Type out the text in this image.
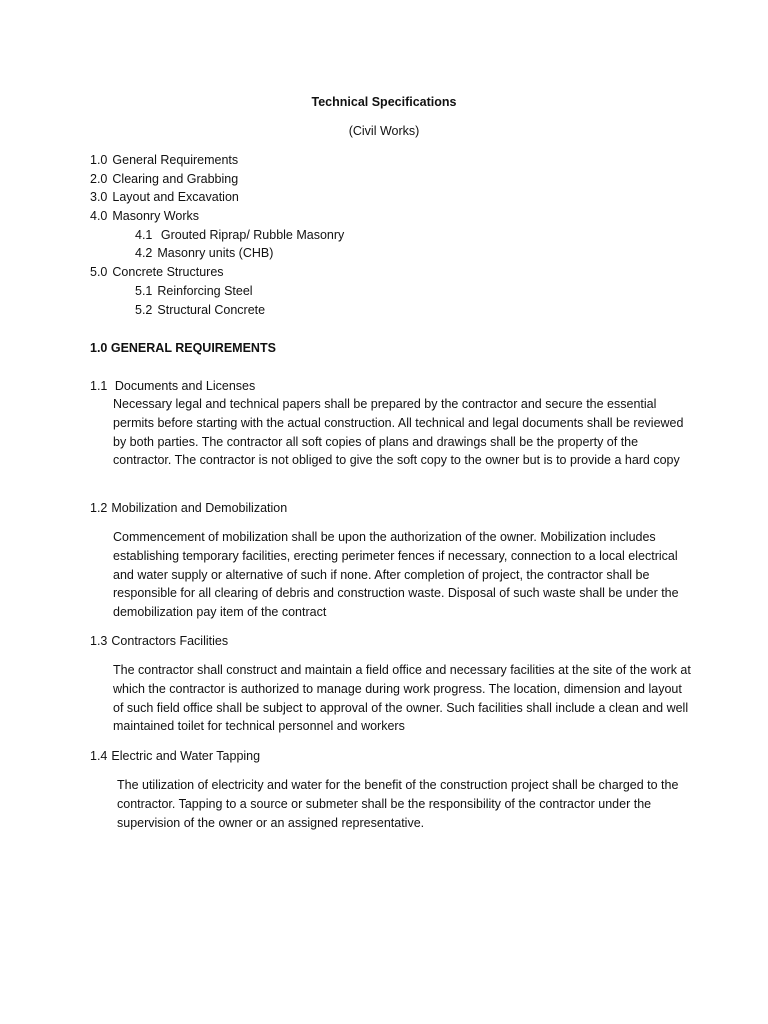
Technical Specifications
(Civil Works)
1.0 General Requirements
2.0 Clearing and Grabbing
3.0 Layout and Excavation
4.0 Masonry Works
4.1 Grouted Riprap/ Rubble Masonry
4.2 Masonry units (CHB)
5.0 Concrete Structures
5.1 Reinforcing Steel
5.2 Structural Concrete
1.0 GENERAL REQUIREMENTS
1.1 Documents and Licenses

Necessary legal and technical papers shall be prepared by the contractor and secure the essential permits before starting with the actual construction. All technical and legal documents shall be reviewed by both parties. The contractor all soft copies of plans and drawings shall be the property of the contractor. The contractor is not obliged to give the soft copy to the owner but is to provide a hard copy

1.2 Mobilization and Demobilization

Commencement of mobilization shall be upon the authorization of the owner. Mobilization includes establishing temporary facilities, erecting perimeter fences if necessary, connection to a local electrical and water supply or alternative of such if none. After completion of project, the contractor shall be responsible for all clearing of debris and construction waste. Disposal of such waste shall be under the demobilization pay item of the contract

1.3 Contractors Facilities

The contractor shall construct and maintain a field office and necessary facilities at the site of the work at which the contractor is authorized to manage during work progress. The location, dimension and layout of such field office shall be subject to approval of the owner. Such facilities shall include a clean and well maintained toilet for technical personnel and workers

1.4 Electric and Water Tapping

The utilization of electricity and water for the benefit of the construction project shall be charged to the contractor. Tapping to a source or submeter shall be the responsibility of the contractor under the supervision of the owner or an assigned representative.
